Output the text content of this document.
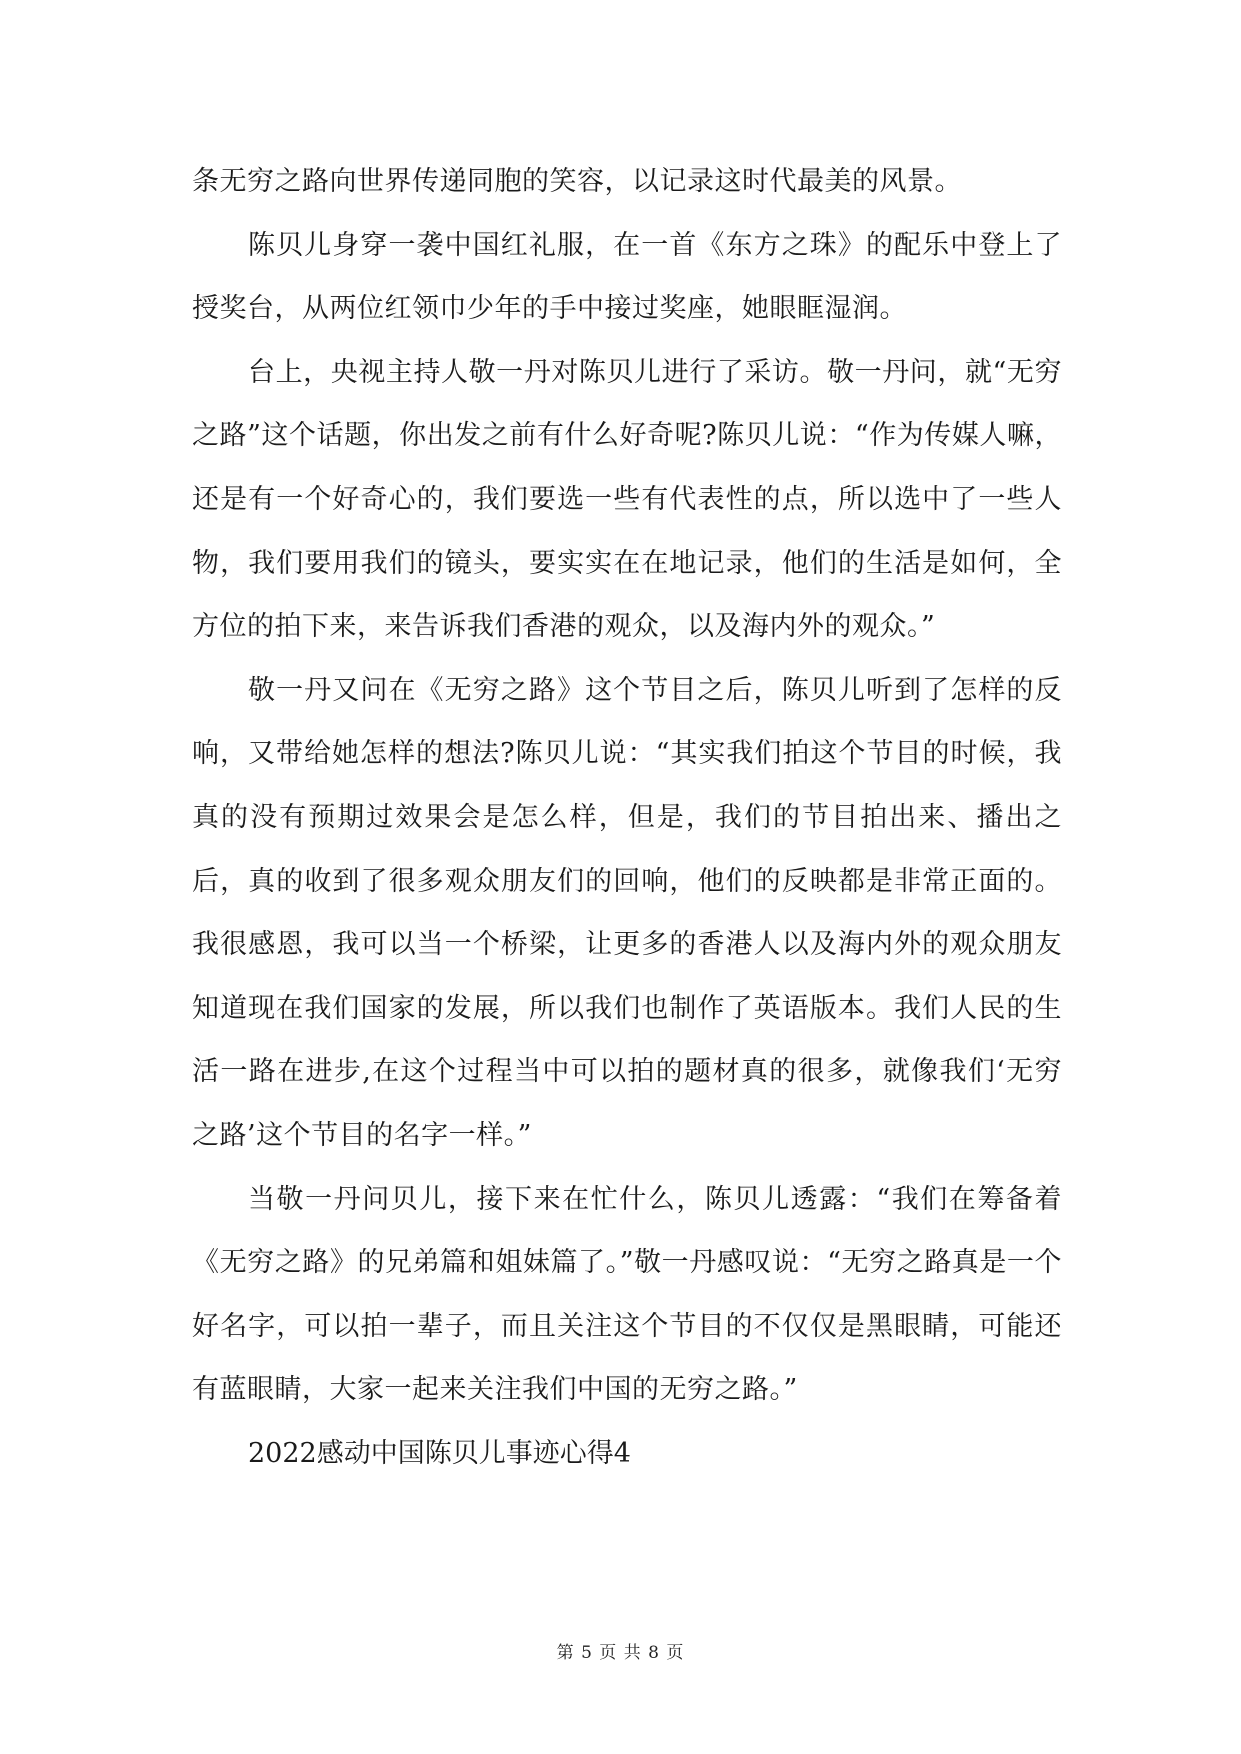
条无穷之路向世界传递同胞的笑容，以记录这时代最美的风景。

陈贝儿身穿一袭中国红礼服，在一首《东方之珠》的配乐中登上了授奖台，从两位红领巾少年的手中接过奖座，她眼眶湿润。

台上，央视主持人敬一丹对陈贝儿进行了采访。敬一丹问，就“无穷之路”这个话题，你出发之前有什么好奇呢?陈贝儿说：“作为传媒人嘛，还是有一个好奇心的，我们要选一些有代表性的点，所以选中了一些人物，我们要用我们的镜头，要实实在在地记录，他们的生活是如何，全方位的拍下来，来告诉我们香港的观众，以及海内外的观众。”

敬一丹又问在《无穷之路》这个节目之后，陈贝儿听到了怎样的反响，又带给她怎样的想法?陈贝儿说：“其实我们拍这个节目的时候，我真的没有预期过效果会是怎么样，但是，我们的节目拍出来、播出之后，真的收到了很多观众朋友们的回响，他们的反映都是非常正面的。我很感恩，我可以当一个桥梁，让更多的香港人以及海内外的观众朋友知道现在我们国家的发展，所以我们也制作了英语版本。我们人民的生活一路在进步,在这个过程当中可以拍的题材真的很多，就像我们‘无穷之路’这个节目的名字一样。”

当敬一丹问贝儿，接下来在忙什么，陈贝儿透露：“我们在筹备着《无穷之路》的兄弟篇和姐妹篇了。”敬一丹感叹说：“无穷之路真是一个好名字，可以拍一辈子，而且关注这个节目的不仅仅是黑眼睛，可能还有蓝眼睛，大家一起来关注我们中国的无穷之路。”

2022感动中国陈贝儿事迹心得4

第 5 页 共 8 页
